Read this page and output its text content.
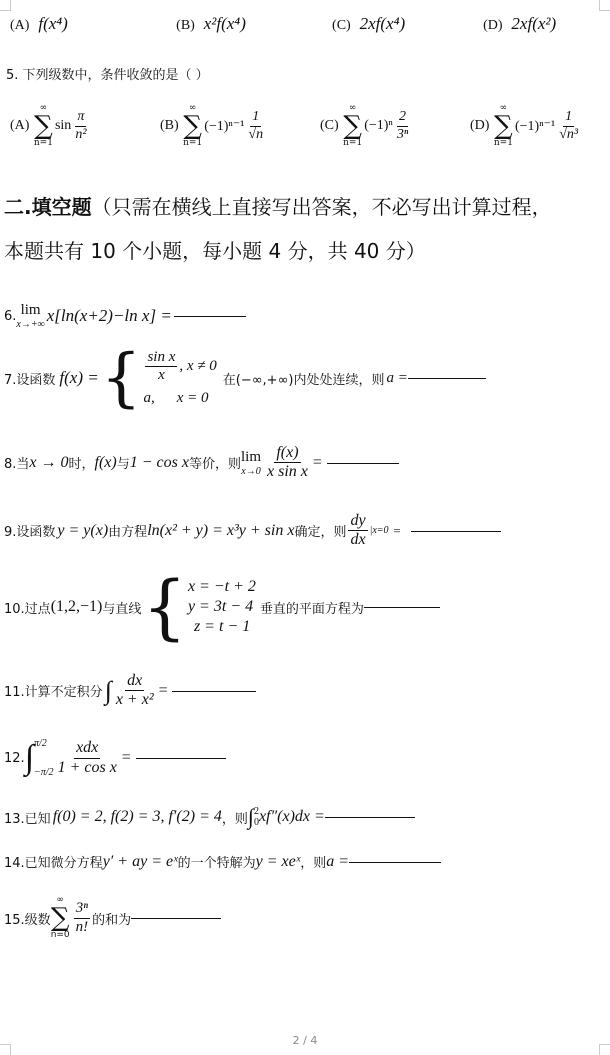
(A) f(x⁴)	(B) x²f(x⁴)	(C) 2xf(x⁴)	(D) 2xf(x²)
5. 下列级数中，条件收敛的是（ ）
(A)

∞
∑
n=1
$\sin \frac{\pi}{\text{n²}}$	(B)

∞
∑
n=1
$(-1)^{n-1} \frac{1}{√n}$	(C)

∞
∑
n=1
$(-1)^n \frac{2}{\text{3ⁿ}}$	(D)

∞
∑
n=1
$(-1)^{n-1} \frac{1}{\text{√n³}}$
二.填空题（只需在横线上直接写出答案，不必写出计算过程，
本题共有 10 个小题，每小题 4 分，共 40 分）
6. lim
x→+∞ x[ln(x+2)−ln x] =
7.设函数 f(x) = { $\frac{\text{sin x}}{x}$ , x ≠ 0
a, x = 0
在(−∞,+∞)内处处连续，则 a =
8.当 x → 0 时， f(x) 与 1 − cos x 等价，则 lim
$x\to 0 \frac{f(x)}{\text{x sin x}}$ =
9.设函数 y = y(x) 由方程 ln(x² + y) = x³y + sin x 确定，则 $\frac{dy}{dx} |x=0$ =
10.过点 (1,2,−1) 与直线 { x = −t + 2
y = 3t − 4
z = t − 1
垂直的平面方程为
11.计算不定积分 ∫ $\frac{dx}{\text{x + x²}}$ =
12. ∫ π/2
$-\pi/2 \frac{\text{xdx}}{\text{1 + cos x}}$ =
13.已知 f(0) = 2, f(2) = 3, f′(2) = 4 ，则 ∫ 2
0 xf″(x)dx =
14.已知微分方程 y′ + ay = eˣ 的一个特解为 y = xeˣ ，则 a =
15.级数
∞
∑
$n=0 \frac{\text{3ⁿ}}{n!}$ 的和为
2 / 4
